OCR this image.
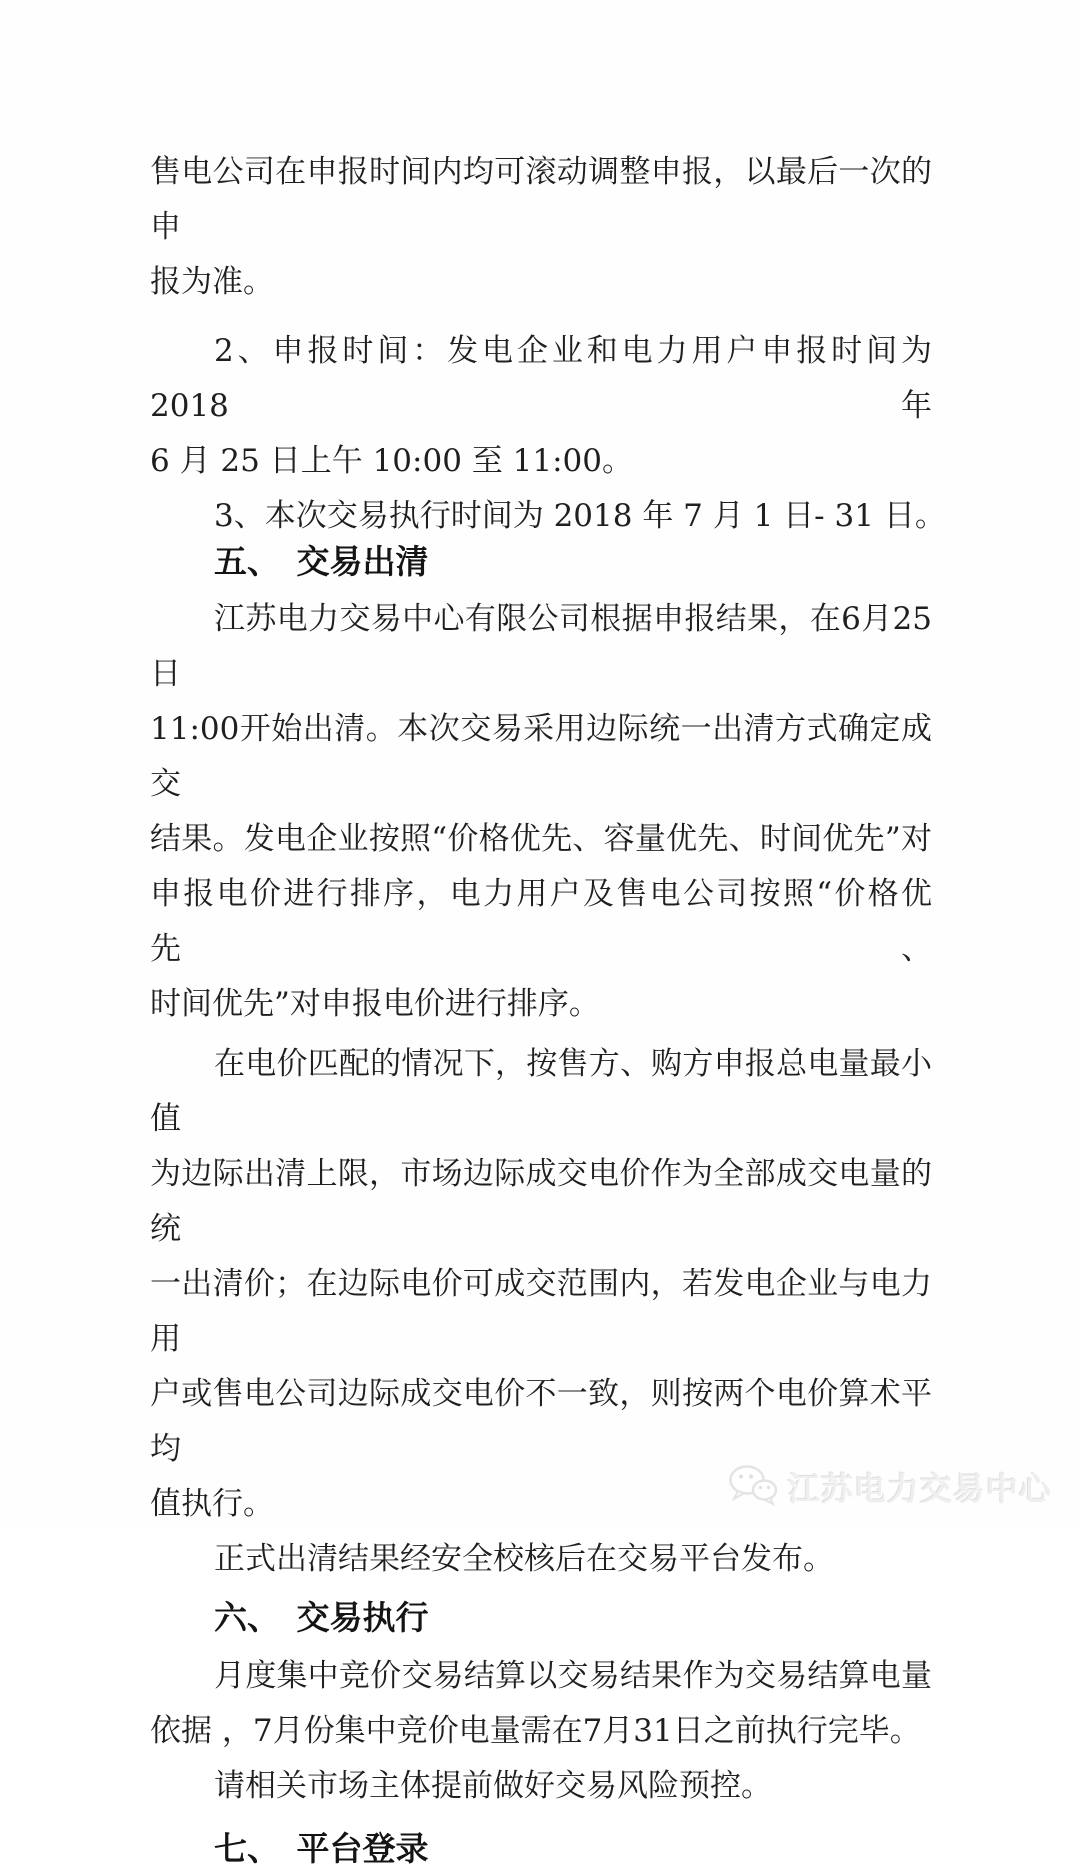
售电公司在申报时间内均可滚动调整申报，以最后一次的申

报为准。

2、申报时间：发电企业和电力用户申报时间为 2018 年

6 月 25 日上午 10:00 至 11:00。

3、本次交易执行时间为 2018 年 7 月 1 日- 31 日。

五、　交易出清

江苏电力交易中心有限公司根据申报结果，在6月25日

11:00开始出清。本次交易采用边际统一出清方式确定成交

结果。发电企业按照“价格优先、容量优先、时间优先”对

申报电价进行排序，电力用户及售电公司按照“价格优先、

时间优先”对申报电价进行排序。

在电价匹配的情况下，按售方、购方申报总电量最小值

为边际出清上限，市场边际成交电价作为全部成交电量的统

一出清价；在边际电价可成交范围内，若发电企业与电力用

户或售电公司边际成交电价不一致，则按两个电价算术平均

值执行。

正式出清结果经安全校核后在交易平台发布。

六、　交易执行

月度集中竞价交易结算以交易结果作为交易结算电量

依据 ，7月份集中竞价电量需在7月31日之前执行完毕。

请相关市场主体提前做好交易风险预控。

七、　平台登录

江苏电力交易中心
